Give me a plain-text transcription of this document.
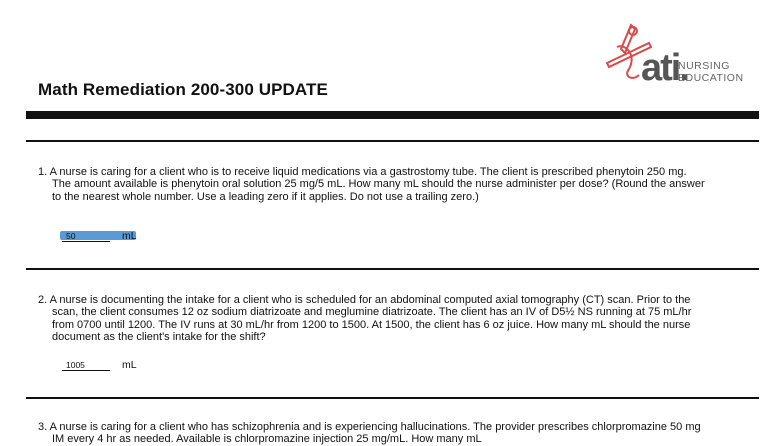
Math Remediation 200-300 UPDATE
ati.
NURSING
EDUCATION
1. A nurse is caring for a client who is to receive liquid medications via a gastrostomy tube. The client is prescribed phenytoin 250 mg. The amount available is phenytoin oral solution 25 mg/5 mL. How many mL should the nurse administer per dose? (Round the answer to the nearest whole number. Use a leading zero if it applies. Do not use a trailing zero.)
50	mL
2. A nurse is documenting the intake for a client who is scheduled for an abdominal computed axial tomography (CT) scan. Prior to the scan, the client consumes 12 oz sodium diatrizoate and meglumine diatrizoate. The client has an IV of D5½ NS running at 75 mL/hr from 0700 until 1200. The IV runs at 30 mL/hr from 1200 to 1500. At 1500, the client has 6 oz juice. How many mL should the nurse document as the client's intake for the shift?
1005	mL
3. A nurse is caring for a client who has schizophrenia and is experiencing hallucinations. The provider prescribes chlorpromazine 50 mg IM every 4 hr as needed. Available is chlorpromazine injection 25 mg/mL. How many mL
